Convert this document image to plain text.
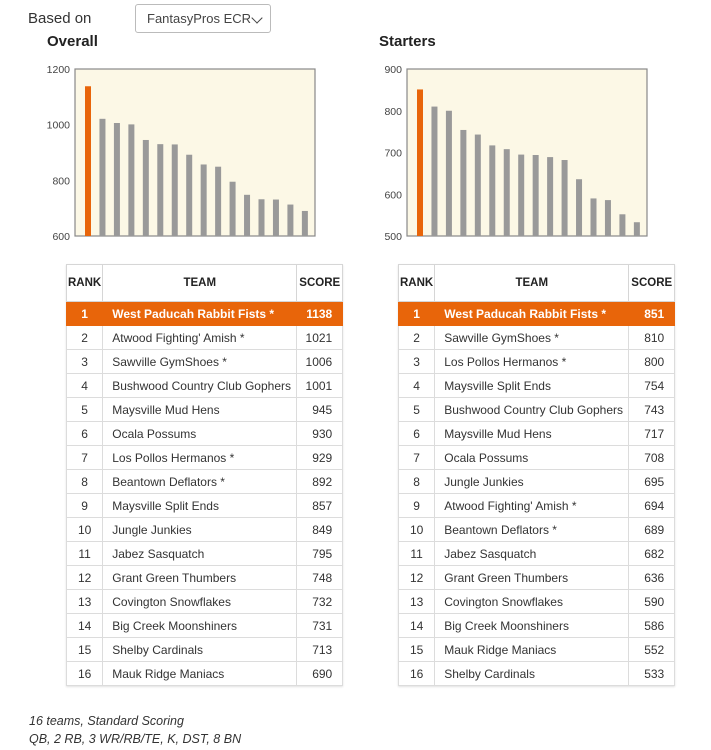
Based on	FantasyPros ECR
Overall
600
800
1000
1200
RANK	TEAM	SCORE
1	West Paducah Rabbit Fists *	1138
2	Atwood Fighting' Amish *	1021
3	Sawville GymShoes *	1006
4	Bushwood Country Club Gophers	1001
5	Maysville Mud Hens	945
6	Ocala Possums	930
7	Los Pollos Hermanos *	929
8	Beantown Deflators *	892
9	Maysville Split Ends	857
10	Jungle Junkies	849
11	Jabez Sasquatch	795
12	Grant Green Thumbers	748
13	Covington Snowflakes	732
14	Big Creek Moonshiners	731
15	Shelby Cardinals	713
16	Mauk Ridge Maniacs	690
Starters
500
600
700
800
900
RANK	TEAM	SCORE
1	West Paducah Rabbit Fists *	851
2	Sawville GymShoes *	810
3	Los Pollos Hermanos *	800
4	Maysville Split Ends	754
5	Bushwood Country Club Gophers	743
6	Maysville Mud Hens	717
7	Ocala Possums	708
8	Jungle Junkies	695
9	Atwood Fighting' Amish *	694
10	Beantown Deflators *	689
11	Jabez Sasquatch	682
12	Grant Green Thumbers	636
13	Covington Snowflakes	590
14	Big Creek Moonshiners	586
15	Mauk Ridge Maniacs	552
16	Shelby Cardinals	533
16 teams, Standard Scoring
QB, 2 RB, 3 WR/RB/TE, K, DST, 8 BN
